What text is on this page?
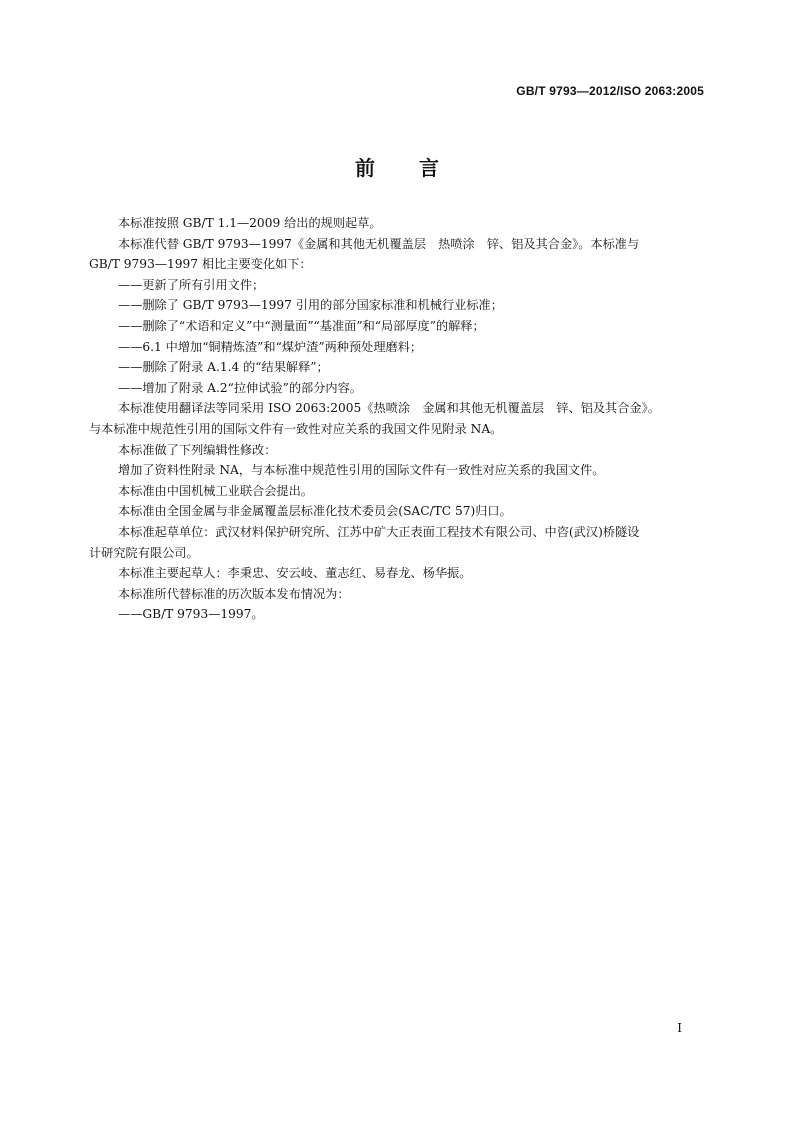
GB/T 9793—2012/ISO 2063:2005
前言

本标准按照 GB/T 1.1—2009 给出的规则起草。

本标准代替 GB/T 9793—1997《金属和其他无机覆盖层　热喷涂　锌、铝及其合金》。本标准与

GB/T 9793—1997 相比主要变化如下：

——更新了所有引用文件；

——删除了 GB/T 9793—1997 引用的部分国家标准和机械行业标准；

——删除了“术语和定义”中“测量面”“基准面”和“局部厚度”的解释；

——6.1 中增加“铜精炼渣”和“煤炉渣”两种预处理磨料；

——删除了附录 A.1.4 的“结果解释”；

——增加了附录 A.2“拉伸试验”的部分内容。

本标准使用翻译法等同采用 ISO 2063:2005《热喷涂　金属和其他无机覆盖层　锌、铝及其合金》。

与本标准中规范性引用的国际文件有一致性对应关系的我国文件见附录 NA。

本标准做了下列编辑性修改：

增加了资料性附录 NA，与本标准中规范性引用的国际文件有一致性对应关系的我国文件。

本标准由中国机械工业联合会提出。

本标准由全国金属与非金属覆盖层标准化技术委员会(SAC/TC 57)归口。

本标准起草单位：武汉材料保护研究所、江苏中矿大正表面工程技术有限公司、中咨(武汉)桥隧设

计研究院有限公司。

本标准主要起草人：李秉忠、安云岐、董志红、易春龙、杨华振。

本标准所代替标准的历次版本发布情况为：

——GB/T 9793—1997。

I
